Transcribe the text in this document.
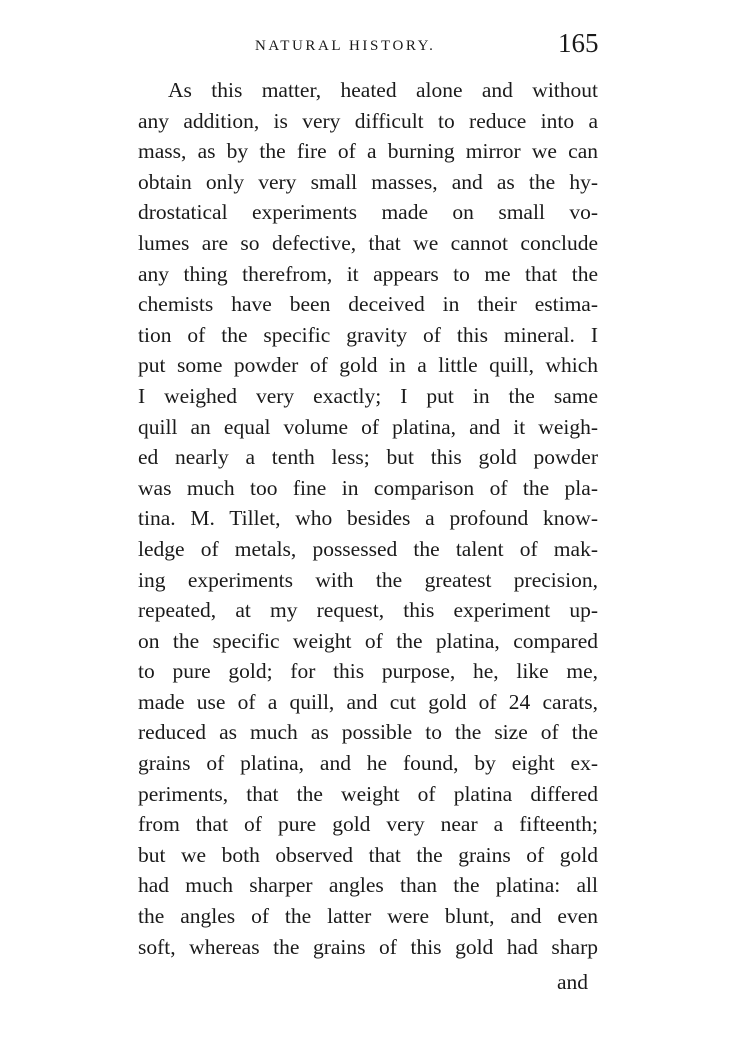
NATURAL HISTORY.	165
As this matter, heated alone and without
any addition, is very difficult to reduce into a
mass, as by the fire of a burning mirror we can
obtain only very small masses, and as the hy-
drostatical experiments made on small vo-
lumes are so defective, that we cannot conclude
any thing therefrom, it appears to me that the
chemists have been deceived in their estima-
tion of the specific gravity of this mineral. I
put some powder of gold in a little quill, which
I weighed very exactly; I put in the same
quill an equal volume of platina, and it weigh-
ed nearly a tenth less; but this gold powder
was much too fine in comparison of the pla-
tina. M. Tillet, who besides a profound know-
ledge of metals, possessed the talent of mak-
ing experiments with the greatest precision,
repeated, at my request, this experiment up-
on the specific weight of the platina, compared
to pure gold; for this purpose, he, like me,
made use of a quill, and cut gold of 24 carats,
reduced as much as possible to the size of the
grains of platina, and he found, by eight ex-
periments, that the weight of platina differed
from that of pure gold very near a fifteenth;
but we both observed that the grains of gold
had much sharper angles than the platina: all
the angles of the latter were blunt, and even
soft, whereas the grains of this gold had sharp
and
